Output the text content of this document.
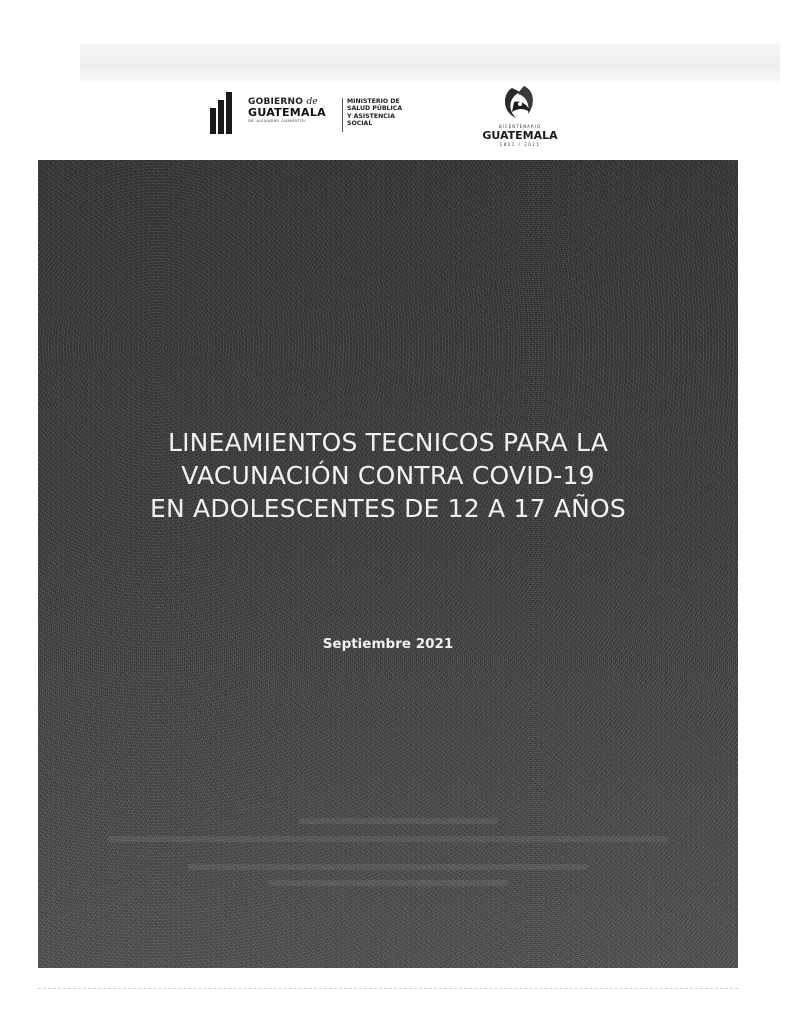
GOBIERNO de
GUATEMALA
DR. ALEJANDRO GIAMMATTEI
MINISTERIO DE
SALUD PÚBLICA
Y ASISTENCIA
SOCIAL	BICENTENARIO
GUATEMALA
1821 / 2021
LINEAMIENTOS TECNICOS PARA LA
VACUNACIÓN CONTRA COVID-19
EN ADOLESCENTES DE 12 A 17 AÑOS
Septiembre 2021
